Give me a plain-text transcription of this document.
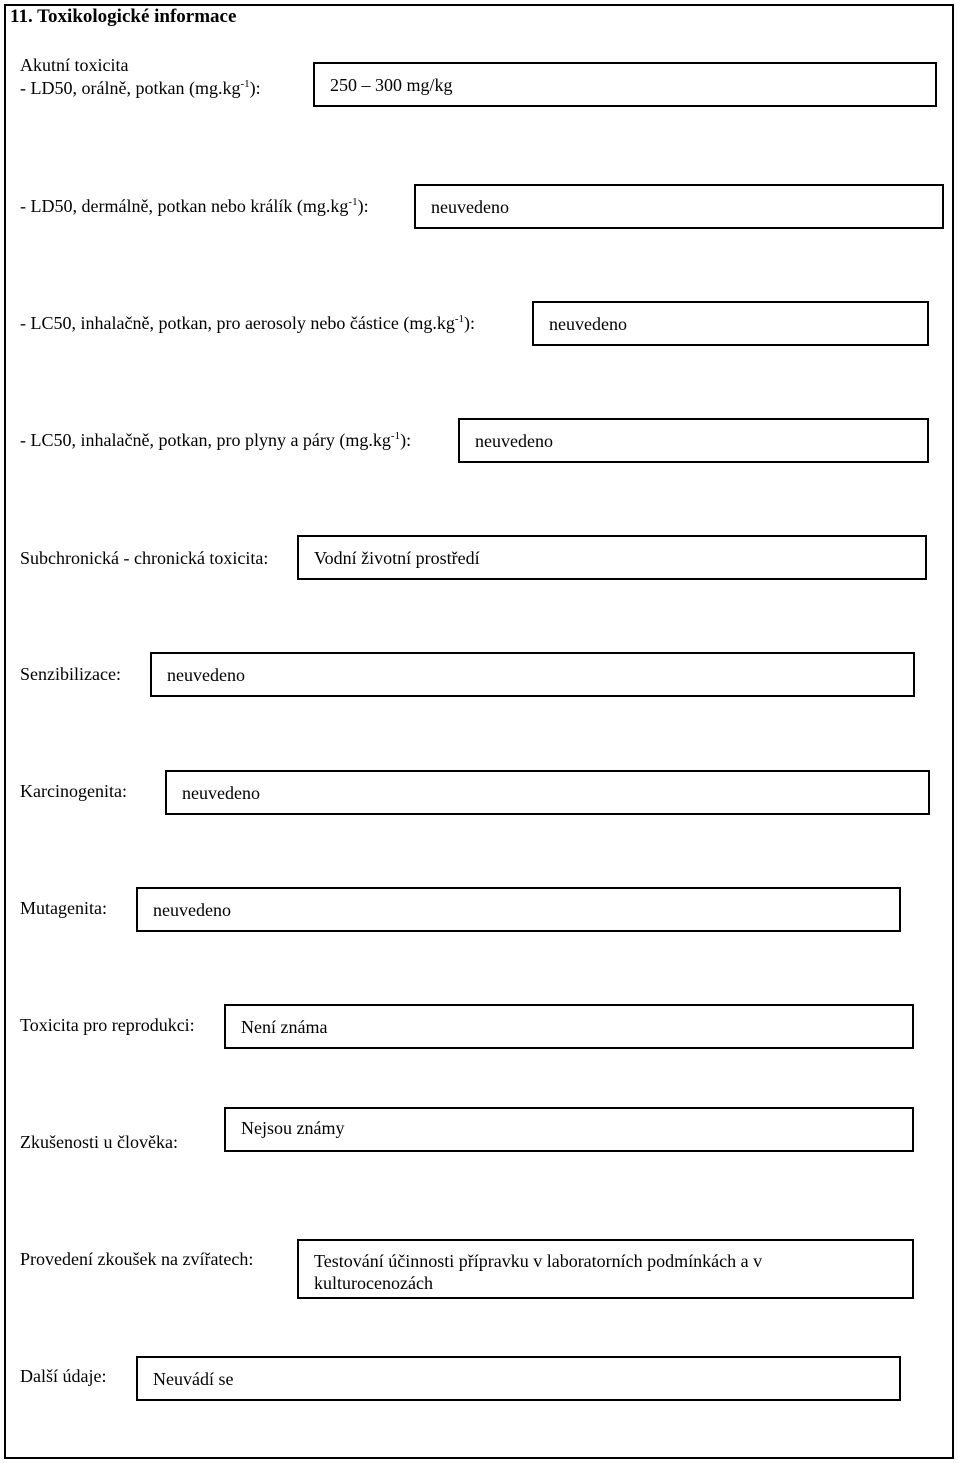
11. Toxikologické informace
Akutní toxicita
- LD50, orálně, potkan $(mg.kg^{-1})$:	250 – 300 mg/kg
- LD50, dermálně, potkan nebo králík $(mg.kg^{-1})$:	neuvedeno
- LC50, inhalačně, potkan, pro aerosoly nebo částice $(mg.kg^{-1})$:	neuvedeno
- LC50, inhalačně, potkan, pro plyny a páry $(mg.kg^{-1})$:	neuvedeno
Subchronická - chronická toxicita:	Vodní životní prostředí
Senzibilizace:	neuvedeno
Karcinogenita:	neuvedeno
Mutagenita:	neuvedeno
Toxicita pro reprodukci:	Není známa
Zkušenosti u člověka:
Nejsou známy
Provedení zkoušek na zvířatech:	Testování účinnosti přípravku v laboratorních podmínkách a v kulturocenozách
Další údaje:	Neuvádí se
